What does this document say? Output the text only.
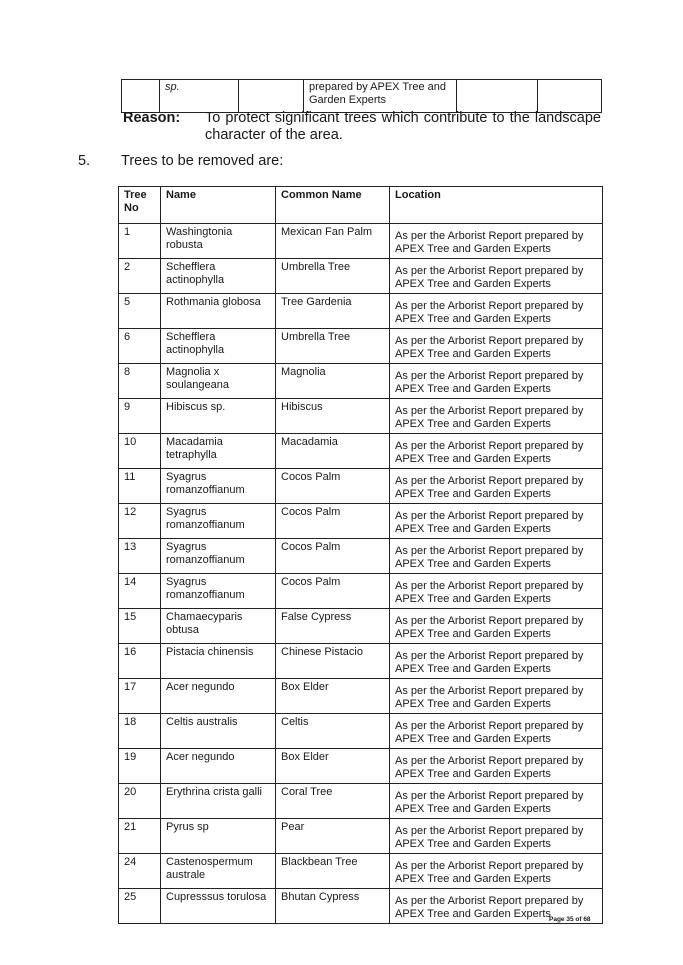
	sp.		prepared by APEX Tree and Garden Experts		
Reason: To protect significant trees which contribute to the landscape character of the area.
5. Trees to be removed are:
Tree No	Name	Common Name	Location
1	Washingtonia robusta	Mexican Fan Palm	As per the Arborist Report prepared by APEX Tree and Garden Experts
2	Schefflera actinophylla	Umbrella Tree	As per the Arborist Report prepared by APEX Tree and Garden Experts
5	Rothmania globosa	Tree Gardenia	As per the Arborist Report prepared by APEX Tree and Garden Experts
6	Schefflera actinophylla	Umbrella Tree	As per the Arborist Report prepared by APEX Tree and Garden Experts
8	Magnolia x soulangeana	Magnolia	As per the Arborist Report prepared by APEX Tree and Garden Experts
9	Hibiscus sp.	Hibiscus	As per the Arborist Report prepared by APEX Tree and Garden Experts
10	Macadamia tetraphylla	Macadamia	As per the Arborist Report prepared by APEX Tree and Garden Experts
11	Syagrus romanzoffianum	Cocos Palm	As per the Arborist Report prepared by APEX Tree and Garden Experts
12	Syagrus romanzoffianum	Cocos Palm	As per the Arborist Report prepared by APEX Tree and Garden Experts
13	Syagrus romanzoffianum	Cocos Palm	As per the Arborist Report prepared by APEX Tree and Garden Experts
14	Syagrus romanzoffianum	Cocos Palm	As per the Arborist Report prepared by APEX Tree and Garden Experts
15	Chamaecyparis obtusa	False Cypress	As per the Arborist Report prepared by APEX Tree and Garden Experts
16	Pistacia chinensis	Chinese Pistacio	As per the Arborist Report prepared by APEX Tree and Garden Experts
17	Acer negundo	Box Elder	As per the Arborist Report prepared by APEX Tree and Garden Experts
18	Celtis australis	Celtis	As per the Arborist Report prepared by APEX Tree and Garden Experts
19	Acer negundo	Box Elder	As per the Arborist Report prepared by APEX Tree and Garden Experts
20	Erythrina crista galli	Coral Tree	As per the Arborist Report prepared by APEX Tree and Garden Experts
21	Pyrus sp	Pear	As per the Arborist Report prepared by APEX Tree and Garden Experts
24	Castenospermum australe	Blackbean Tree	As per the Arborist Report prepared by APEX Tree and Garden Experts
25	Cupresssus torulosa	Bhutan Cypress	As per the Arborist Report prepared by APEX Tree and Garden Experts
Page 35 of 68
